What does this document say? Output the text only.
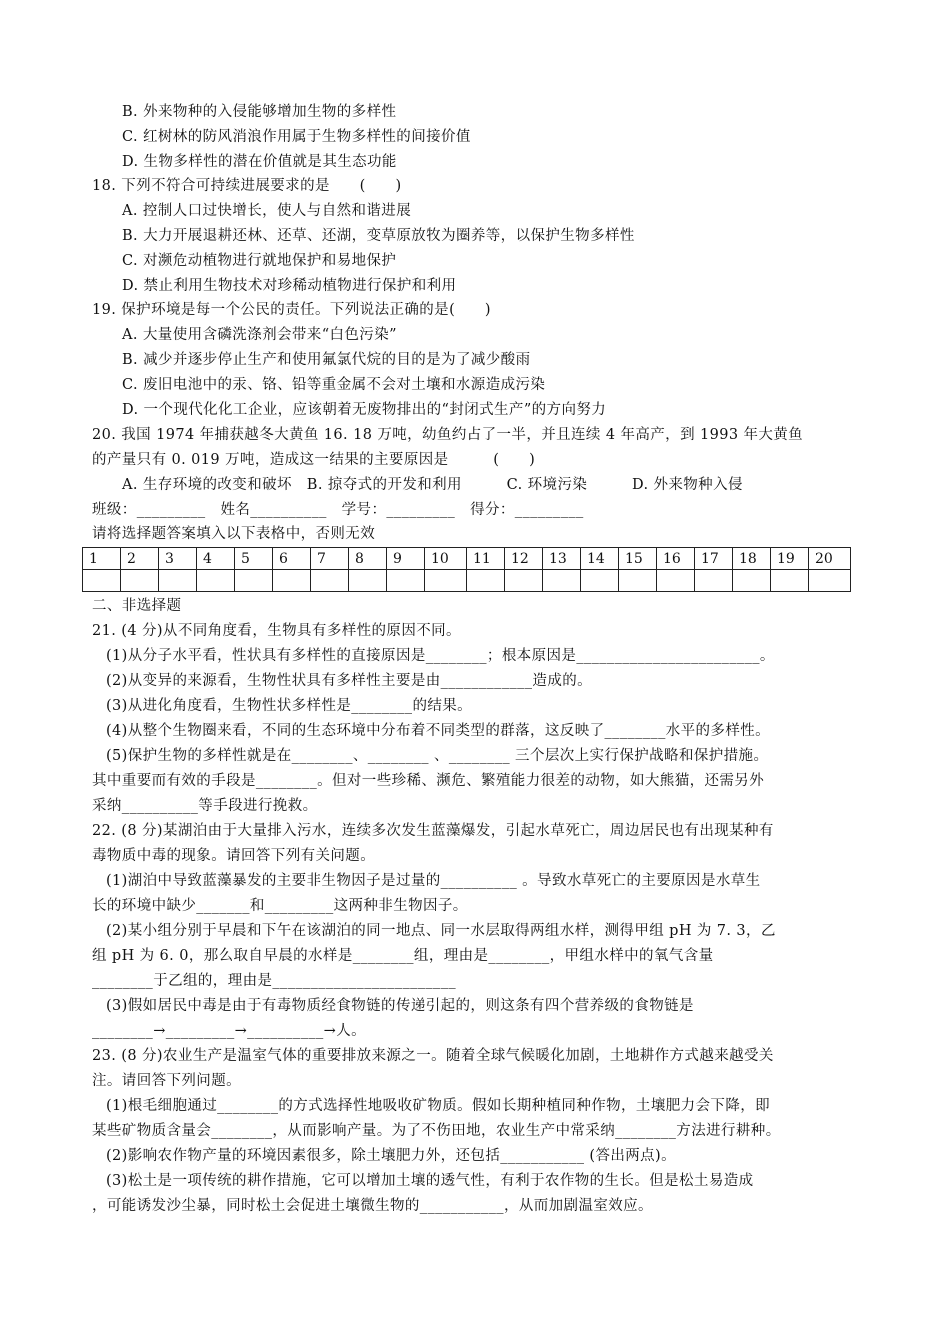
B. 外来物种的入侵能够增加生物的多样性
C. 红树林的防风消浪作用属于生物多样性的间接价值
D. 生物多样性的潜在价值就是其生态功能
18. 下列不符合可持续进展要求的是　　(　　)
A. 控制人口过快增长，使人与自然和谐进展
B. 大力开展退耕还林、还草、还湖，变草原放牧为圈养等，以保护生物多样性
C. 对濒危动植物进行就地保护和易地保护
D. 禁止利用生物技术对珍稀动植物进行保护和利用
19. 保护环境是每一个公民的责任。下列说法正确的是(　　)
A. 大量使用含磷洗涤剂会带来“白色污染”
B. 减少并逐步停止生产和使用氟氯代烷的目的是为了减少酸雨
C. 废旧电池中的汞、铬、铅等重金属不会对土壤和水源造成污染
D. 一个现代化化工企业，应该朝着无废物排出的“封闭式生产”的方向努力
20. 我国 1974 年捕获越冬大黄鱼 16. 18 万吨，幼鱼约占了一半，并且连续 4 年高产，到 1993 年大黄鱼
的产量只有 0. 019 万吨，造成这一结果的主要原因是　　　(　　)
A. 生存环境的改变和破坏　B. 掠夺式的开发和利用　　　C. 环境污染　　　D. 外来物种入侵
班级：_________　姓名__________　学号：_________　得分：_________
请将选择题答案填入以下表格中，否则无效
1	2	3	4	5	6	7	8	9	10	11	12	13	14	15	16	17	18	19	20

二、非选择题
21. (4 分)从不同角度看，生物具有多样性的原因不同。
(1)从分子水平看，性状具有多样性的直接原因是________；根本原因是________________________。
(2)从变异的来源看，生物性状具有多样性主要是由____________造成的。
(3)从进化角度看，生物性状多样性是________的结果。
(4)从整个生物圈来看，不同的生态环境中分布着不同类型的群落，这反映了________水平的多样性。
(5)保护生物的多样性就是在________、________ 、________ 三个层次上实行保护战略和保护措施。
其中重要而有效的手段是________。但对一些珍稀、濒危、繁殖能力很差的动物，如大熊猫，还需另外
采纳__________等手段进行挽救。
22. (8 分)某湖泊由于大量排入污水，连续多次发生蓝藻爆发，引起水草死亡，周边居民也有出现某种有
毒物质中毒的现象。请回答下列有关问题。
(1)湖泊中导致蓝藻暴发的主要非生物因子是过量的__________ 。导致水草死亡的主要原因是水草生
长的环境中缺少_______和_________这两种非生物因子。
(2)某小组分别于早晨和下午在该湖泊的同一地点、同一水层取得两组水样，测得甲组 pH 为 7. 3，乙
组 pH 为 6. 0，那么取自早晨的水样是________组，理由是________，甲组水样中的氧气含量
________于乙组的，理由是________________________
(3)假如居民中毒是由于有毒物质经食物链的传递引起的，则这条有四个营养级的食物链是
________→_________→__________→人。
23. (8 分)农业生产是温室气体的重要排放来源之一。随着全球气候暖化加剧，土地耕作方式越来越受关
注。请回答下列问题。
(1)根毛细胞通过________的方式选择性地吸收矿物质。假如长期种植同种作物，土壤肥力会下降，即
某些矿物质含量会________，从而影响产量。为了不伤田地，农业生产中常采纳________方法进行耕种。
(2)影响农作物产量的环境因素很多，除土壤肥力外，还包括___________ (答出两点)。
(3)松土是一项传统的耕作措施，它可以增加土壤的透气性，有利于农作物的生长。但是松土易造成
，可能诱发沙尘暴，同时松土会促进土壤微生物的___________，从而加剧温室效应。
